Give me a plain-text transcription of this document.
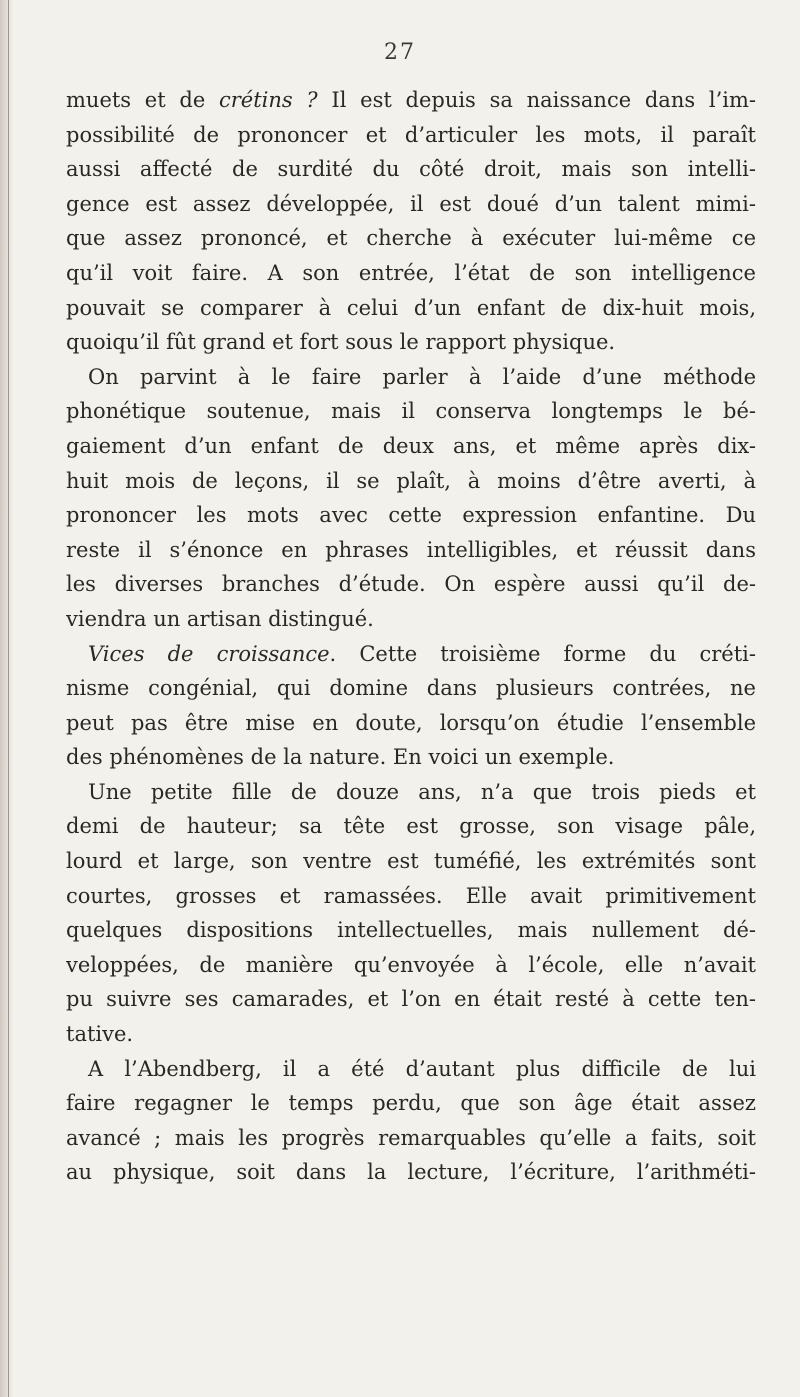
27
muets et de crétins ? Il est depuis sa naissance dans l’im-
possibilité de prononcer et d’articuler les mots, il paraît
aussi affecté de surdité du côté droit, mais son intelli-
gence est assez développée, il est doué d’un talent mimi-
que assez prononcé, et cherche à exécuter lui-même ce
qu’il voit faire. A son entrée, l’état de son intelligence
pouvait se comparer à celui d’un enfant de dix-huit mois,
quoiqu’il fût grand et fort sous le rapport physique.
On parvint à le faire parler à l’aide d’une méthode
phonétique soutenue, mais il conserva longtemps le bé-
gaiement d’un enfant de deux ans, et même après dix-
huit mois de leçons, il se plaît, à moins d’être averti, à
prononcer les mots avec cette expression enfantine. Du
reste il s’énonce en phrases intelligibles, et réussit dans
les diverses branches d’étude. On espère aussi qu’il de-
viendra un artisan distingué.
Vices de croissance. Cette troisième forme du créti-
nisme congénial, qui domine dans plusieurs contrées, ne
peut pas être mise en doute, lorsqu’on étudie l’ensemble
des phénomènes de la nature. En voici un exemple.
Une petite fille de douze ans, n’a que trois pieds et
demi de hauteur; sa tête est grosse, son visage pâle,
lourd et large, son ventre est tuméfié, les extrémités sont
courtes, grosses et ramassées. Elle avait primitivement
quelques dispositions intellectuelles, mais nullement dé-
veloppées, de manière qu’envoyée à l’école, elle n’avait
pu suivre ses camarades, et l’on en était resté à cette ten-
tative.
A l’Abendberg, il a été d’autant plus difficile de lui
faire regagner le temps perdu, que son âge était assez
avancé ; mais les progrès remarquables qu’elle a faits, soit
au physique, soit dans la lecture, l’écriture, l’arithméti-
